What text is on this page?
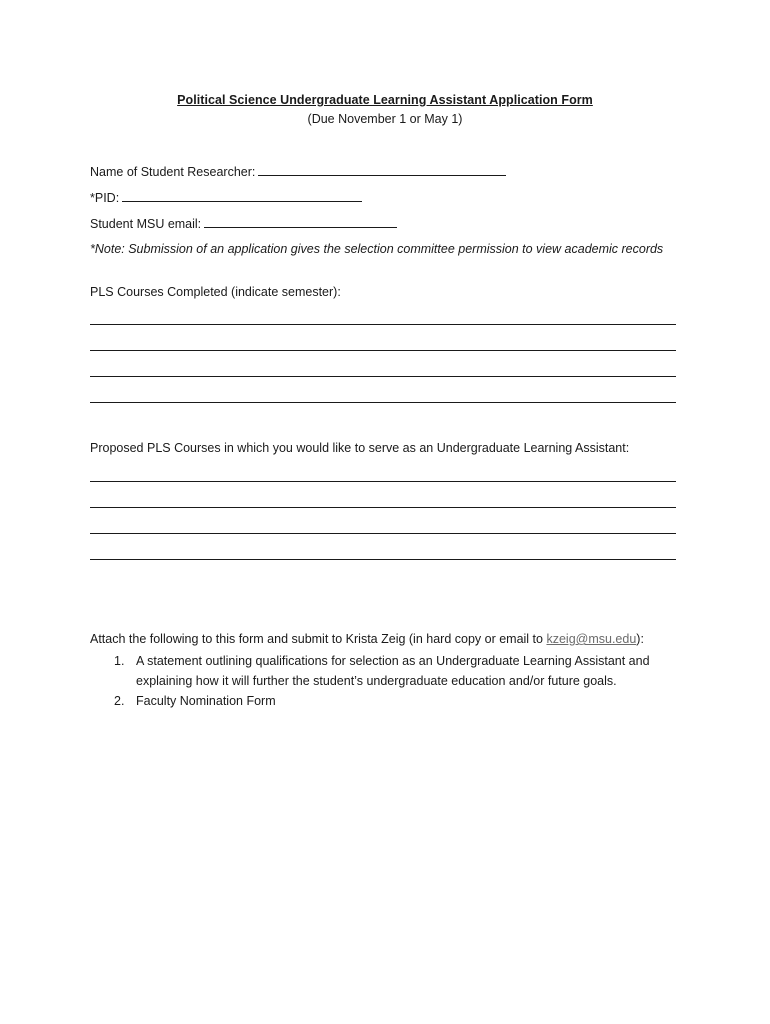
Political Science Undergraduate Learning Assistant Application Form
(Due November 1 or May 1)
Name of Student Researcher:
*PID:
Student MSU email:
*Note: Submission of an application gives the selection committee permission to view academic records
PLS Courses Completed (indicate semester):
Proposed PLS Courses in which you would like to serve as an Undergraduate Learning Assistant:
Attach the following to this form and submit to Krista Zeig (in hard copy or email to kzeig@msu.edu):
1. A statement outlining qualifications for selection as an Undergraduate Learning Assistant and
explaining how it will further the student’s undergraduate education and/or future goals.
2. Faculty Nomination Form
